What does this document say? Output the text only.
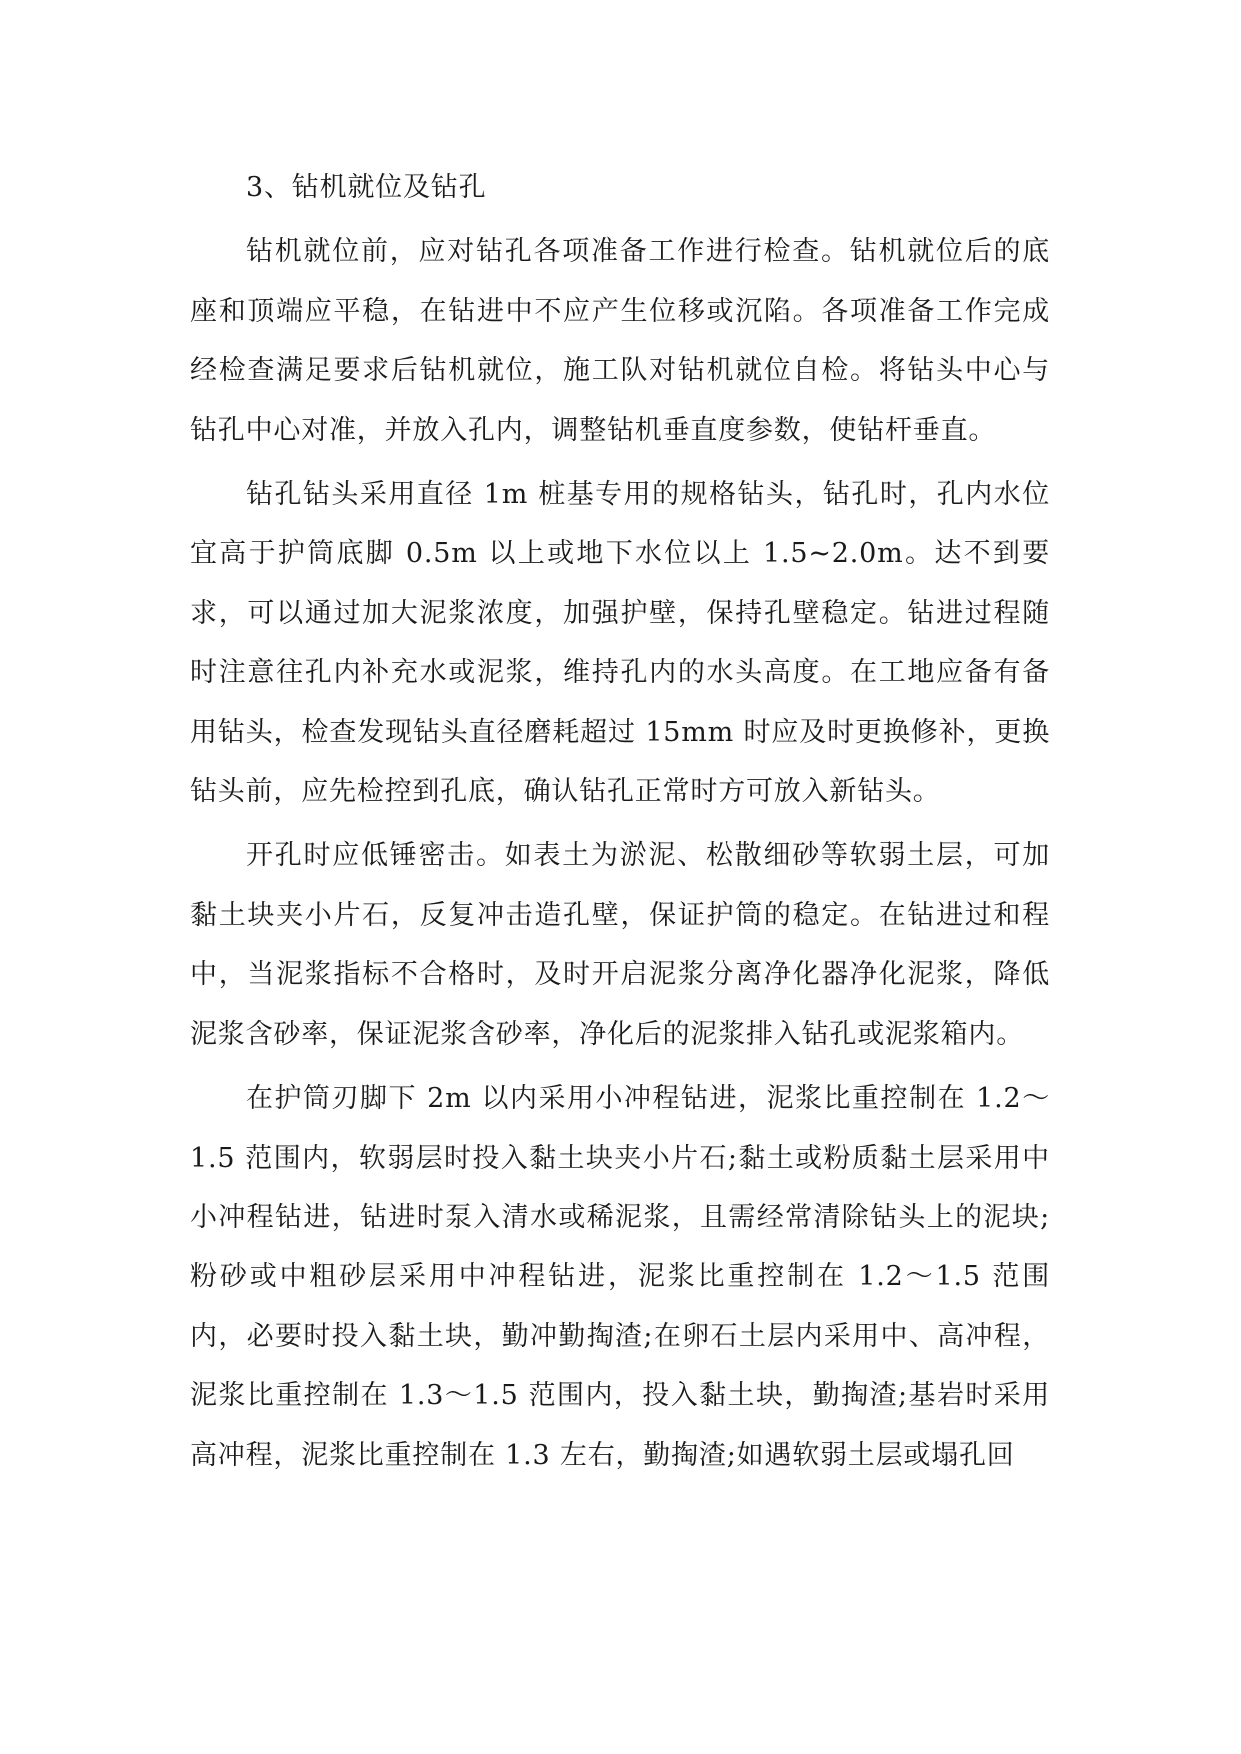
3、钻机就位及钻孔

钻机就位前，应对钻孔各项准备工作进行检查。钻机就位后的底座和顶端应平稳，在钻进中不应产生位移或沉陷。各项准备工作完成经检查满足要求后钻机就位，施工队对钻机就位自检。将钻头中心与钻孔中心对准，并放入孔内，调整钻机垂直度参数，使钻杆垂直。

钻孔钻头采用直径 1m 桩基专用的规格钻头，钻孔时，孔内水位宜高于护筒底脚 0.5m 以上或地下水位以上 1.5~2.0m。达不到要求，可以通过加大泥浆浓度，加强护壁，保持孔壁稳定。钻进过程随时注意往孔内补充水或泥浆，维持孔内的水头高度。在工地应备有备用钻头，检查发现钻头直径磨耗超过 15mm 时应及时更换修补，更换钻头前，应先检控到孔底，确认钻孔正常时方可放入新钻头。

开孔时应低锤密击。如表土为淤泥、松散细砂等软弱土层，可加黏土块夹小片石，反复冲击造孔壁，保证护筒的稳定。在钻进过和程中，当泥浆指标不合格时，及时开启泥浆分离净化器净化泥浆，降低泥浆含砂率，保证泥浆含砂率，净化后的泥浆排入钻孔或泥浆箱内。

在护筒刃脚下 2m 以内采用小冲程钻进，泥浆比重控制在 1.2～1.5 范围内，软弱层时投入黏土块夹小片石;黏土或粉质黏土层采用中小冲程钻进，钻进时泵入清水或稀泥浆，且需经常清除钻头上的泥块;粉砂或中粗砂层采用中冲程钻进，泥浆比重控制在 1.2～1.5 范围内，必要时投入黏土块，勤冲勤掏渣;在卵石土层内采用中、高冲程，泥浆比重控制在 1.3～1.5 范围内，投入黏土块，勤掏渣;基岩时采用高冲程，泥浆比重控制在 1.3 左右，勤掏渣;如遇软弱土层或塌孔回
